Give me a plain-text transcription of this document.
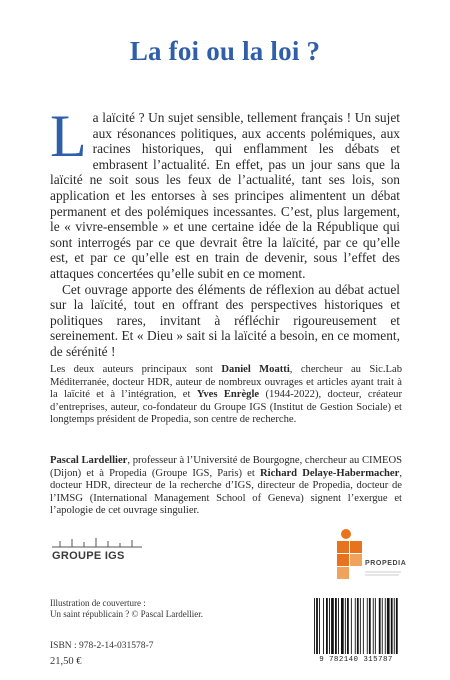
La foi ou la loi ?

La laïcité ? Un sujet sensible, tellement français ! Un sujet aux résonances politiques, aux accents polémiques, aux racines historiques, qui enflamment les débats et embrasent l’actualité. En effet, pas un jour sans que la laïcité ne soit sous les feux de l’actualité, tant ses lois, son application et les entorses à ses principes alimentent un débat permanent et des polémiques incessantes. C’est, plus largement, le « vivre-ensemble » et une certaine idée de la République qui sont interrogés par ce que devrait être la laïcité, par ce qu’elle est, et par ce qu’elle est en train de devenir, sous l’effet des attaques concertées qu’elle subit en ce moment.

Cet ouvrage apporte des éléments de réflexion au débat actuel sur la laïcité, tout en offrant des perspectives historiques et politiques rares, invitant à réfléchir rigoureusement et sereinement. Et « Dieu » sait si la laïcité a besoin, en ce moment, de sérénité !

Les deux auteurs principaux sont Daniel Moatti, chercheur au Sic.Lab Méditerranée, docteur HDR, auteur de nombreux ouvrages et articles ayant trait à la laïcité et à l’intégration, et Yves Enrègle (1944-2022), docteur, créateur d’entreprises, auteur, co-fondateur du Groupe IGS (Institut de Gestion Sociale) et longtemps président de Propedia, son centre de recherche.
Pascal Lardellier, professeur à l’Université de Bourgogne, chercheur au CIMEOS (Dijon) et à Propedia (Groupe IGS, Paris) et Richard Delaye-Habermacher, docteur HDR, directeur de la recherche d’IGS, directeur de Propedia, docteur de l’IMSG (International Management School of Geneva) signent l’exergue et l’apologie de cet ouvrage singulier.
GROUPE IGS
PROPEDIA
Illustration de couverture :
Un saint républicain ? © Pascal Lardellier.
ISBN : 978-2-14-031578-7
21,50 €	9 782140 315787
